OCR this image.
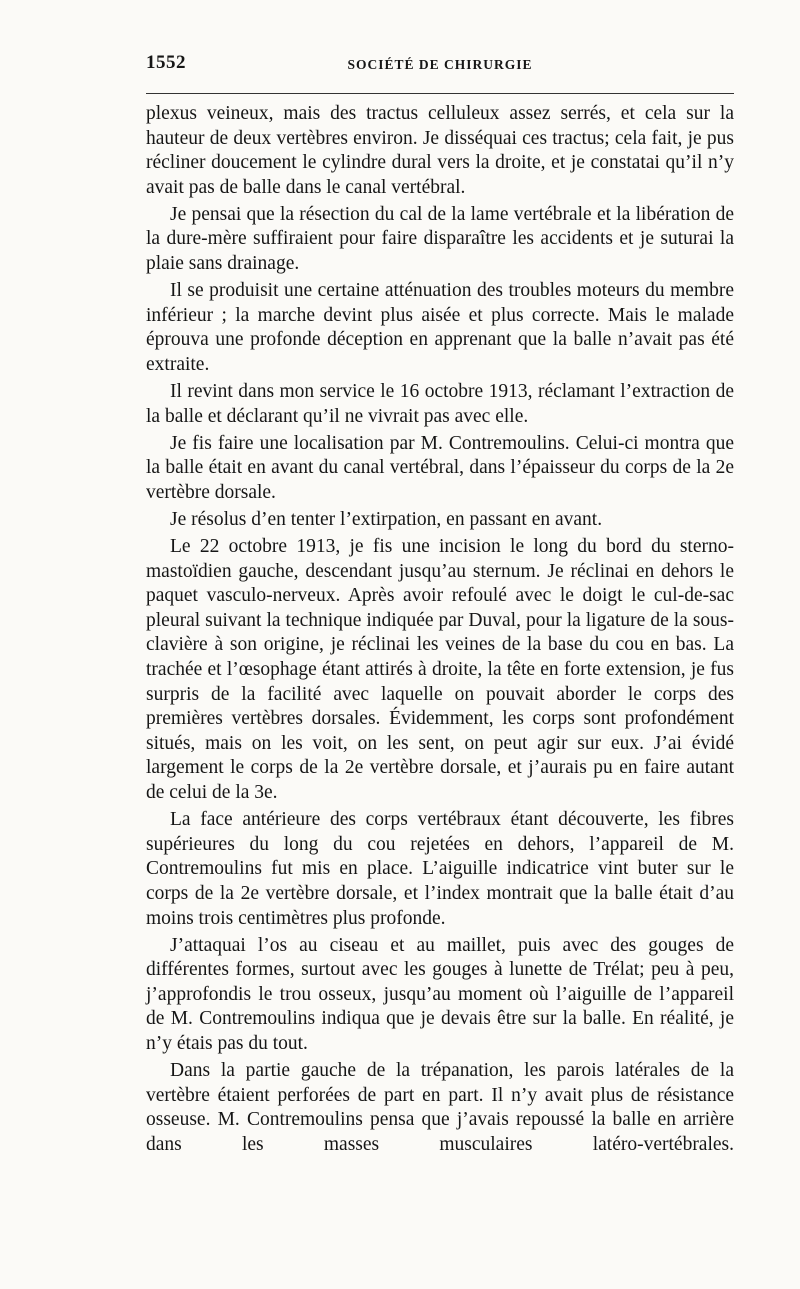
1552	SOCIÉTÉ DE CHIRURGIE

plexus veineux, mais des tractus celluleux assez serrés, et cela sur la hauteur de deux vertèbres environ. Je disséquai ces tractus; cela fait, je pus récliner doucement le cylindre dural vers la droite, et je constatai qu’il n’y avait pas de balle dans le canal vertébral.

Je pensai que la résection du cal de la lame vertébrale et la libération de la dure-mère suffiraient pour faire disparaître les accidents et je suturai la plaie sans drainage.

Il se produisit une certaine atténuation des troubles moteurs du membre inférieur ; la marche devint plus aisée et plus correcte. Mais le malade éprouva une profonde déception en apprenant que la balle n’avait pas été extraite.

Il revint dans mon service le 16 octobre 1913, réclamant l’extraction de la balle et déclarant qu’il ne vivrait pas avec elle.

Je fis faire une localisation par M. Contremoulins. Celui-ci montra que la balle était en avant du canal vertébral, dans l’épaisseur du corps de la 2e vertèbre dorsale.

Je résolus d’en tenter l’extirpation, en passant en avant.

Le 22 octobre 1913, je fis une incision le long du bord du sterno-mastoïdien gauche, descendant jusqu’au sternum. Je réclinai en dehors le paquet vasculo-nerveux. Après avoir refoulé avec le doigt le cul-de-sac pleural suivant la technique indiquée par Duval, pour la ligature de la sous-clavière à son origine, je réclinai les veines de la base du cou en bas. La trachée et l’œsophage étant attirés à droite, la tête en forte extension, je fus surpris de la facilité avec laquelle on pouvait aborder le corps des premières vertèbres dorsales. Évidemment, les corps sont profondément situés, mais on les voit, on les sent, on peut agir sur eux. J’ai évidé largement le corps de la 2e vertèbre dorsale, et j’aurais pu en faire autant de celui de la 3e.

La face antérieure des corps vertébraux étant découverte, les fibres supérieures du long du cou rejetées en dehors, l’appareil de M. Contremoulins fut mis en place. L’aiguille indicatrice vint buter sur le corps de la 2e vertèbre dorsale, et l’index montrait que la balle était d’au moins trois centimètres plus profonde.

J’attaquai l’os au ciseau et au maillet, puis avec des gouges de différentes formes, surtout avec les gouges à lunette de Trélat; peu à peu, j’approfondis le trou osseux, jusqu’au moment où l’aiguille de l’appareil de M. Contremoulins indiqua que je devais être sur la balle. En réalité, je n’y étais pas du tout.

Dans la partie gauche de la trépanation, les parois latérales de la vertèbre étaient perforées de part en part. Il n’y avait plus de résistance osseuse. M. Contremoulins pensa que j’avais repoussé la balle en arrière dans les masses musculaires latéro-vertébrales.
